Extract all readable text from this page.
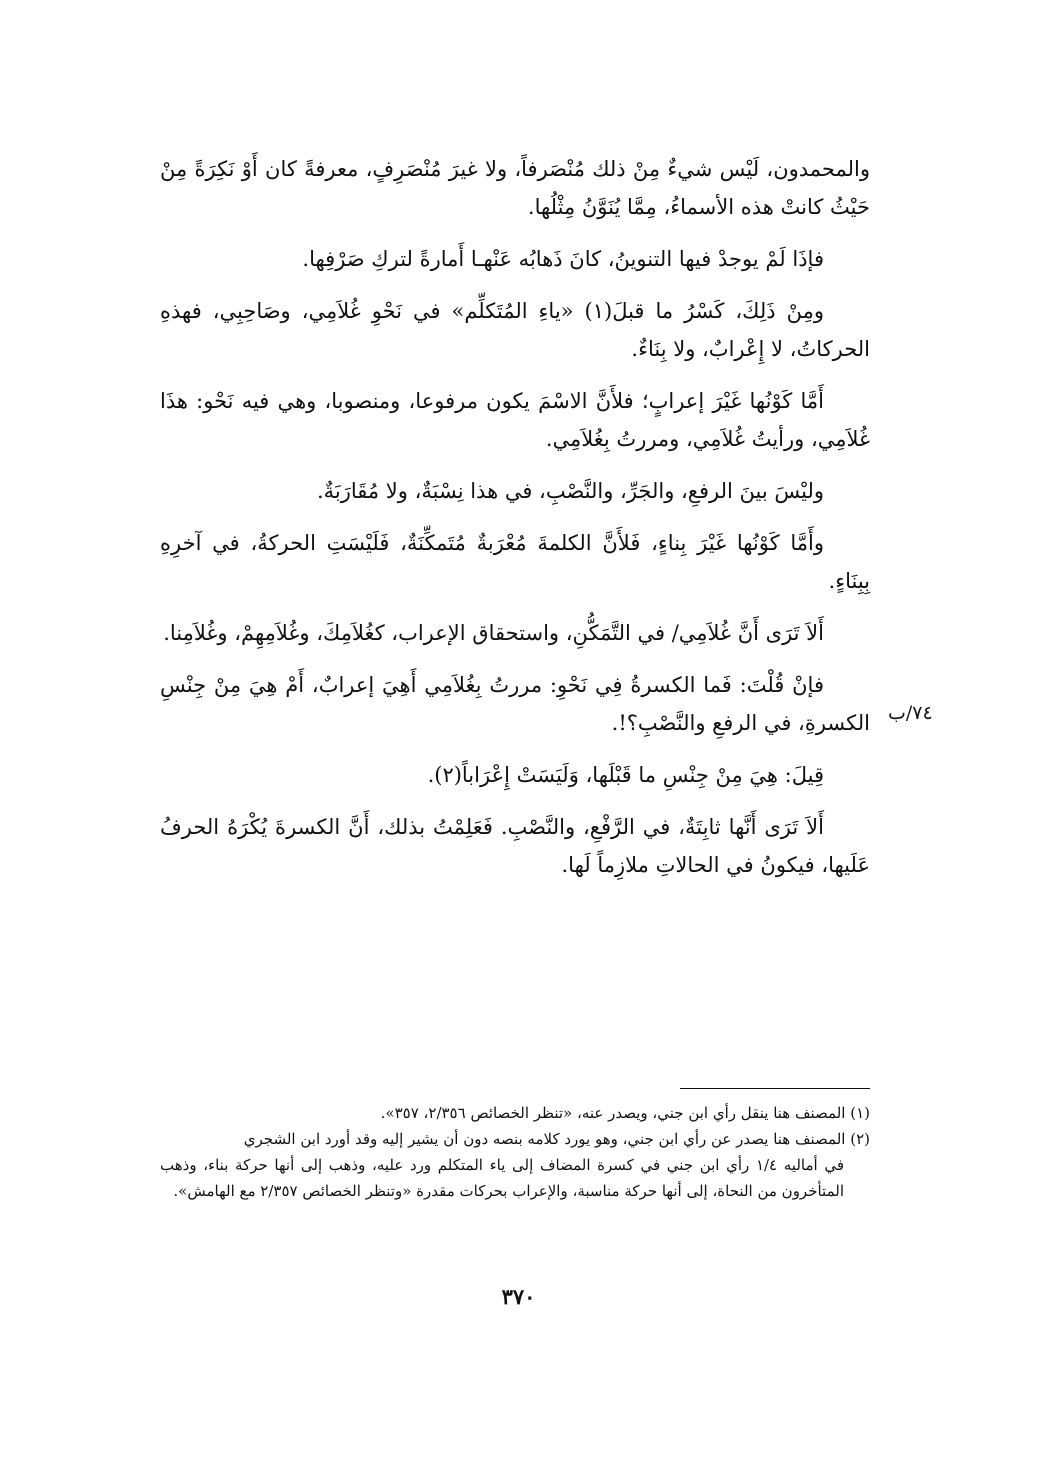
والمحمدون، لَيْس شيءٌ مِنْ ذلك مُنْصَرفاً، ولا غيرَ مُنْصَرِفٍ، معرفةً كان أَوْ نَكِرَةً مِنْ حَيْثُ كانتْ هذه الأسماءُ، مِمَّا يُنَوَّنُ مِثْلُها.

فإذَا لَمْ يوجدْ فيها التنوينُ، كانَ ذَهابُه عَنْهـا أَمارةً لتركِ صَرْفِها.

ومِنْ ذَلِكَ، كَسْرُ ما قبلَ(١) «ياءِ المُتَكلِّم» في نَحْوِ غُلاَمِي، وصَاحِبِي، فهذهِ الحركاتُ، لا إِعْرابٌ، ولا بِنَاءٌ.

أَمَّا كَوْنُها غَيْرَ إعرابٍ؛ فلأَنَّ الاسْمَ يكون مرفوعا، ومنصوبا، وهي فيه نَحْو: هذَا غُلاَمِي، ورأيتُ غُلاَمِي، ومررتُ بِغُلاَمِي.

وليْسَ بينَ الرفعِ، والجَرِّ، والنَّصْبِ، في هذا نِسْبَةٌ، ولا مُقَارَبَةٌ.

وأَمَّا كَوْنُها غَيْرَ بِناءٍ، فَلأَنَّ الكلمةَ مُعْرَبةٌ مُتَمكِّنَةٌ، فَلَيْسَتِ الحركةُ، في آخرِهِ بِبِنَاءٍ.

أَلاَ تَرَى أَنَّ غُلاَمِي/ في التَّمَكُّنِ، واستحقاق الإعراب، كغُلاَمِكَ، وغُلاَمِهِمْ، وغُلاَمِنا.

فإنْ قُلْتَ: فَما الكسرةُ فِي نَحْوِ: مررتُ بِغُلاَمِي أَهِيَ إعرابٌ، أَمْ هِيَ مِنْ جِنْسِ الكسرةِ، في الرفعِ والنَّصْبِ؟!.

قِيلَ: هِيَ مِنْ جِنْسِ ما قَبْلَها، وَلَيَسَتْ إِعْرَاباً(٢).

أَلاَ تَرَى أَنَّها ثابِتَةٌ، في الرَّفْعِ، والنَّصْبِ. فَعَلِمْتُ بذلك، أَنَّ الكسرةَ يُكْرَهُ الحرفُ عَلَيها، فيكونُ في الحالاتِ ملازِماً لَها.

٧٤/ب

(١) المصنف هنا ينقل رأي ابن جني، ويصدر عنه، «تنظر الخصائص ٢/٣٥٦، ٣٥٧».

(٢) المصنف هنا يصدر عن رأي ابن جني، وهو يورد كلامه بنصه دون أن يشير إليه وقد أورد ابن الشجري

في أماليه ١/٤ رأي ابن جني في كسرة المضاف إلى ياء المتكلم ورد عليه، وذهب إلى أنها حركة بناء، وذهب المتأخرون من النحاة، إلى أنها حركة مناسبة، والإعراب بحركات مقدرة «وتنظر الخصائص ٢/٣٥٧ مع الهامش».

٣٧٠
